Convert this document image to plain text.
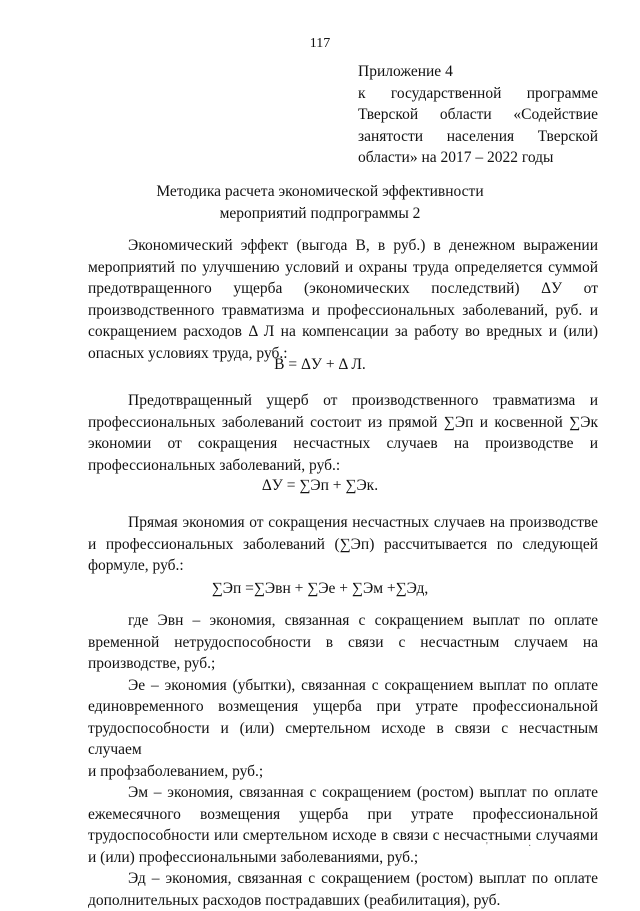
117
Приложение 4
к государственной программе
Тверской области «Содействие
занятости населения Тверской
области» на 2017 – 2022 годы
Методика расчета экономической эффективности
мероприятий подпрограммы 2
Экономический эффект (выгода В, в руб.) в денежном выражении
мероприятий по улучшению условий и охраны труда определяется суммой
предотвращенного ущерба (экономических последствий) ΔУ от
производственного травматизма и профессиональных заболеваний, руб. и
сокращением расходов Δ Л на компенсации за работу во вредных и (или)
опасных условиях труда, руб.:
В = ΔУ + Δ Л.
Предотвращенный ущерб от производственного травматизма и
профессиональных заболеваний состоит из прямой ∑Эп и косвенной ∑Эк
экономии от сокращения несчастных случаев на производстве и
профессиональных заболеваний, руб.:
ΔУ = ∑Эп + ∑Эк.
Прямая экономия от сокращения несчастных случаев на производстве
и профессиональных заболеваний (∑Эп) рассчитывается по следующей
формуле, руб.:
∑Эп =∑Эвн + ∑Эе + ∑Эм +∑Эд,
где Эвн – экономия, связанная с сокращением выплат по оплате
временной нетрудоспособности в связи с несчастным случаем на
производстве, руб.;
Эе – экономия (убытки), связанная с сокращением выплат по оплате
единовременного возмещения ущерба при утрате профессиональной
трудоспособности и (или) смертельном исходе в связи с несчастным случаем
и профзаболеванием, руб.;
Эм – экономия, связанная с сокращением (ростом) выплат по оплате
ежемесячного возмещения ущерба при утрате профессиональной
трудоспособности или смертельном исходе в связи с несчастными случаями
и (или) профессиональными заболеваниями, руб.;
Эд – экономия, связанная с сокращением (ростом) выплат по оплате
дополнительных расходов пострадавших (реабилитация), руб.
'	·
